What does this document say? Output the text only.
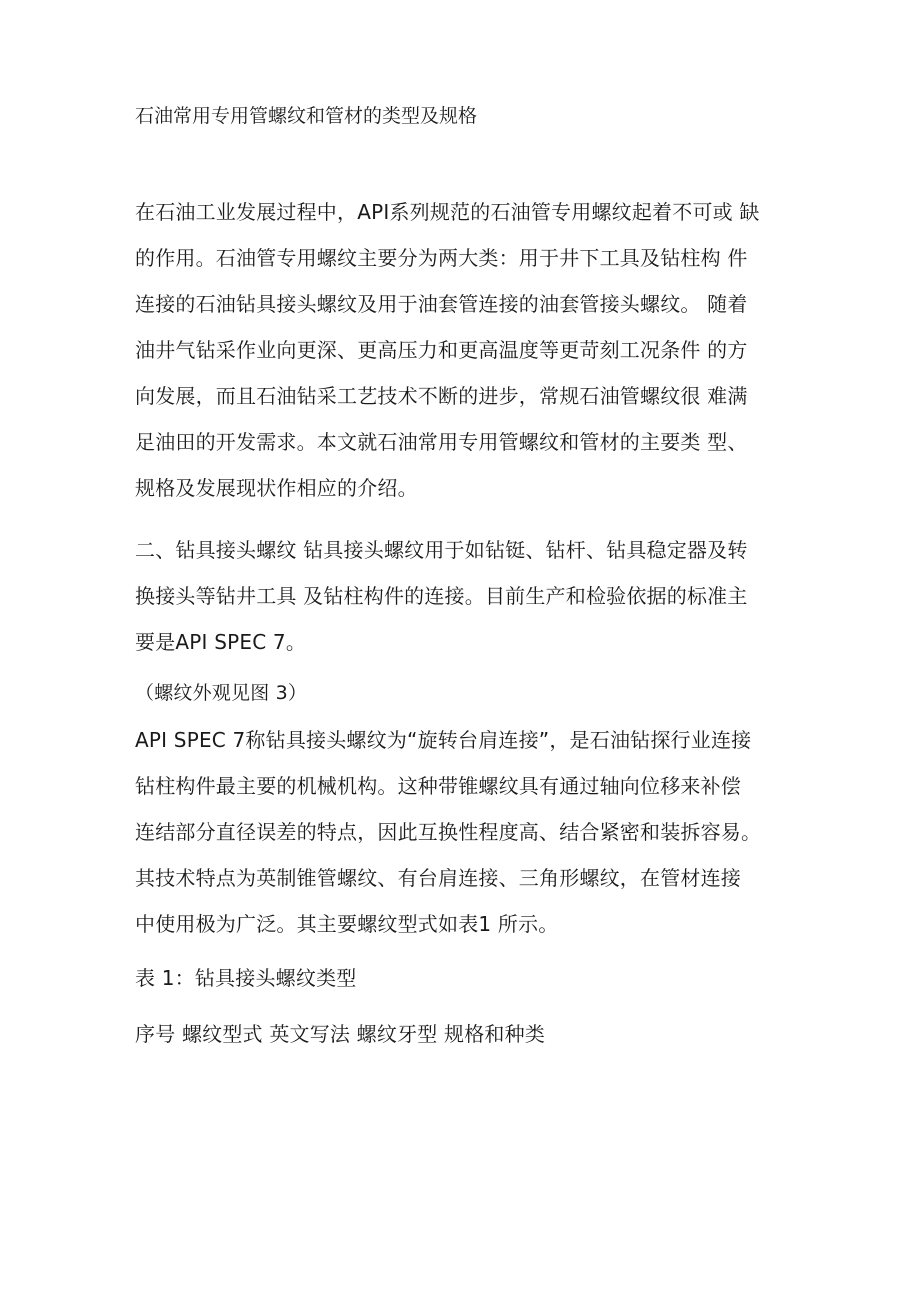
石油常用专用管螺纹和管材的类型及规格
在石油工业发展过程中，API系列规范的石油管专用螺纹起着不可或 缺
的作用。石油管专用螺纹主要分为两大类：用于井下工具及钻柱构 件
连接的石油钻具接头螺纹及用于油套管连接的油套管接头螺纹。 随着
油井气钻采作业向更深、更高压力和更高温度等更苛刻工况条件 的方
向发展，而且石油钻采工艺技术不断的进步，常规石油管螺纹很 难满
足油田的开发需求。本文就石油常用专用管螺纹和管材的主要类 型、
规格及发展现状作相应的介绍。
二、钻具接头螺纹 钻具接头螺纹用于如钻铤、钻杆、钻具稳定器及转
换接头等钻井工具 及钻柱构件的连接。目前生产和检验依据的标准主
要是API SPEC 7。
（螺纹外观见图 3）
API SPEC 7称钻具接头螺纹为“旋转台肩连接”，是石油钻探行业连接
钻柱构件最主要的机械机构。这种带锥螺纹具有通过轴向位移来补偿
连结部分直径误差的特点，因此互换性程度高、结合紧密和装拆容易。
其技术特点为英制锥管螺纹、有台肩连接、三角形螺纹，在管材连接
中使用极为广泛。其主要螺纹型式如表1 所示。
表 1：钻具接头螺纹类型
序号 螺纹型式 英文写法 螺纹牙型 规格和种类
